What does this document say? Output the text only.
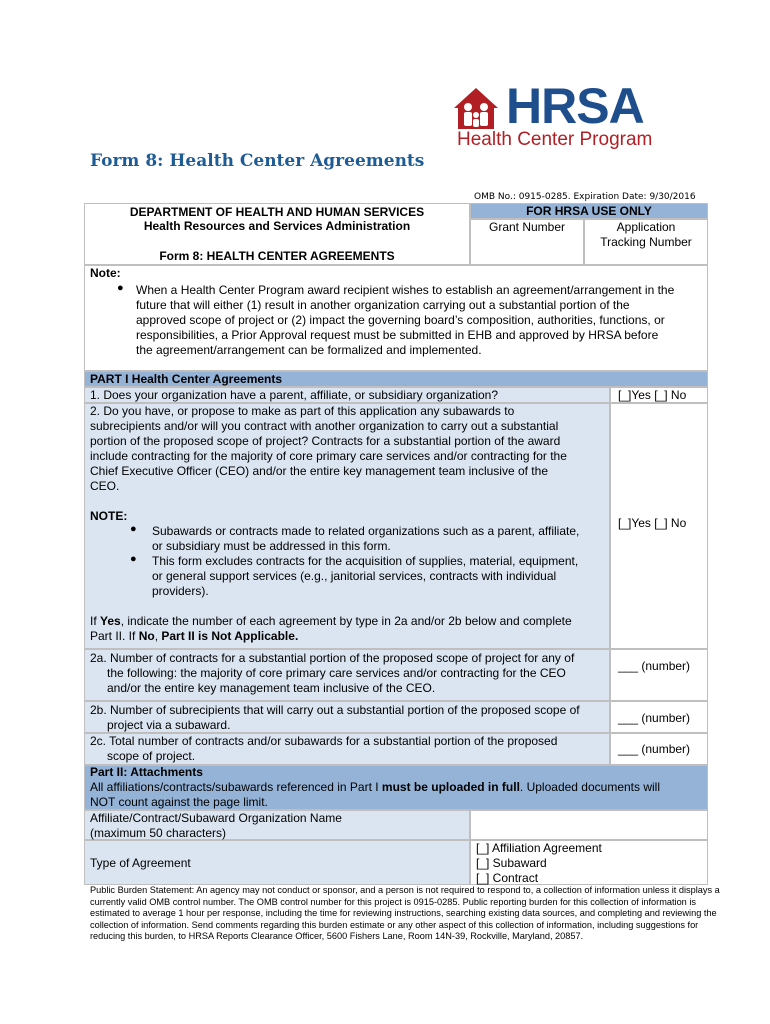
HRSA
Health Center Program
Form 8: Health Center Agreements
OMB No.: 0915-0285. Expiration Date: 9/30/2016
DEPARTMENT OF HEALTH AND HUMAN SERVICES
Health Resources and Services Administration
Form 8: HEALTH CENTER AGREEMENTS
FOR HRSA USE ONLY
Grant Number	Application
Tracking Number
Note:
● When a Health Center Program award recipient wishes to establish an agreement/arrangement in the
future that will either (1) result in another organization carrying out a substantial portion of the
approved scope of project or (2) impact the governing board’s composition, authorities, functions, or
responsibilities, a Prior Approval request must be submitted in EHB and approved by HRSA before
the agreement/arrangement can be formalized and implemented.
PART I Health Center Agreements
1. Does your organization have a parent, affiliate, or subsidiary organization?	[_]Yes [_] No
2. Do you have, or propose to make as part of this application any subawards to
subrecipients and/or will you contract with another organization to carry out a substantial
portion of the proposed scope of project? Contracts for a substantial portion of the award
include contracting for the majority of core primary care services and/or contracting for the
Chief Executive Officer (CEO) and/or the entire key management team inclusive of the
CEO.
NOTE:
● Subawards or contracts made to related organizations such as a parent, affiliate,
or subsidiary must be addressed in this form.
● This form excludes contracts for the acquisition of supplies, material, equipment,
or general support services (e.g., janitorial services, contracts with individual
providers).
[_]Yes [_] No
If Yes, indicate the number of each agreement by type in 2a and/or 2b below and complete
Part II. If No, Part II is Not Applicable.
2a. Number of contracts for a substantial portion of the proposed scope of project for any of
the following: the majority of core primary care services and/or contracting for the CEO
and/or the entire key management team inclusive of the CEO.
___ (number)
2b. Number of subrecipients that will carry out a substantial portion of the proposed scope of
project via a subaward.	___ (number)
2c. Total number of contracts and/or subawards for a substantial portion of the proposed
scope of project.	___ (number)
Part II: Attachments
All affiliations/contracts/subawards referenced in Part I must be uploaded in full. Uploaded documents will
NOT count against the page limit.
Affiliate/Contract/Subaward Organization Name
(maximum 50 characters)
Type of Agreement
[_] Affiliation Agreement
[_] Subaward
[_] Contract
Public Burden Statement: An agency may not conduct or sponsor, and a person is not required to respond to, a collection of information unless it displays a currently valid OMB control number. The OMB control number for this project is 0915-0285. Public reporting burden for this collection of information is estimated to average 1 hour per response, including the time for reviewing instructions, searching existing data sources, and completing and reviewing the collection of information. Send comments regarding this burden estimate or any other aspect of this collection of information, including suggestions for reducing this burden, to HRSA Reports Clearance Officer, 5600 Fishers Lane, Room 14N-39, Rockville, Maryland, 20857.
